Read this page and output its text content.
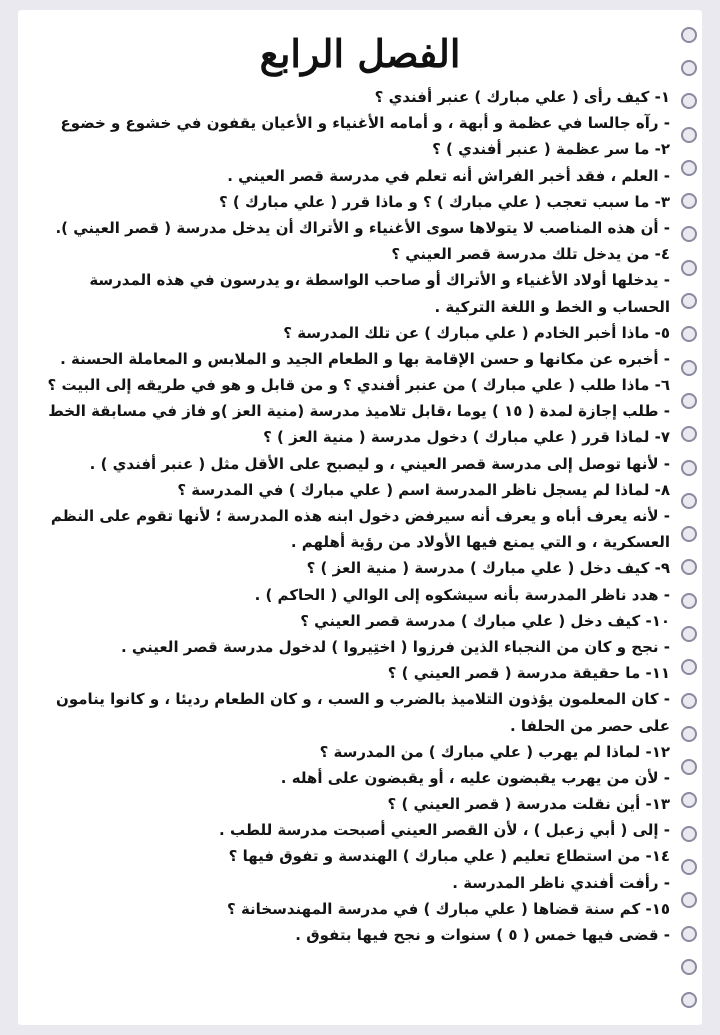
الفصل الرابع
١- كيف رأى ( علي مبارك ) عنبر أفندي ؟
- رآه جالسا في عظمة و أبهة ، و أمامه الأغنياء و الأعيان يقفون في خشوع و خضوع
٢- ما سر عظمة ( عنبر أفندي ) ؟
- العلم ، فقد أخبر الفراش أنه تعلم في مدرسة قصر العيني .
٣- ما سبب تعجب ( علي مبارك ) ؟ و ماذا قرر ( علي مبارك ) ؟
- أن هذه المناصب لا يتولاها سوى الأغنياء و الأتراك أن يدخل مدرسة ( قصر العيني ).
٤- من يدخل تلك مدرسة قصر العيني ؟
- يدخلها أولاد الأغنياء و الأتراك أو صاحب الواسطة ،و يدرسون في هذه المدرسة
الحساب و الخط و اللغة التركية .
٥- ماذا أخبر الخادم ( علي مبارك ) عن تلك المدرسة ؟
- أخبره عن مكانها و حسن الإقامة بها و الطعام الجيد و الملابس و المعاملة الحسنة .
٦- ماذا طلب ( علي مبارك ) من عنبر أفندي ؟ و من قابل و هو في طريقه إلى البيت ؟
- طلب إجازة لمدة ( ١٥ ) يوما ،قابل تلاميذ مدرسة (منية العز )و فاز في مسابقة الخط
٧- لماذا قرر ( علي مبارك ) دخول مدرسة ( منية العز ) ؟
- لأنها توصل إلى مدرسة قصر العيني ، و ليصبح على الأقل مثل ( عنبر أفندي ) .
٨- لماذا لم يسجل ناظر المدرسة اسم ( علي مبارك ) في المدرسة ؟
- لأنه يعرف أباه و يعرف أنه سيرفض دخول ابنه هذه المدرسة ؛ لأنها تقوم على النظم
العسكرية ، و التي يمنع فيها الأولاد من رؤية أهلهم .
٩- كيف دخل ( علي مبارك ) مدرسة ( منية العز ) ؟
- هدد ناظر المدرسة بأنه سيشكوه إلى الوالي ( الحاكم ) .
١٠- كيف دخل ( علي مبارك ) مدرسة قصر العيني ؟
- نجح و كان من النجباء الذين فرزوا ( اختِيروا ) لدخول مدرسة قصر العيني .
١١- ما حقيقة مدرسة ( قصر العيني ) ؟
- كان المعلمون يؤذون التلاميذ بالضرب و السب ، و كان الطعام رديئا ، و كانوا ينامون
على حصر من الحلفا .
١٢- لماذا لم يهرب ( علي مبارك ) من المدرسة ؟
- لأن من يهرب يقبضون عليه ، أو يقبضون على أهله .
١٣- أين نقلت مدرسة ( قصر العيني ) ؟
- إلى ( أبي زعبل ) ، لأن القصر العيني أصبحت مدرسة للطب .
١٤- من استطاع تعليم ( علي مبارك ) الهندسة و تفوق فيها ؟
- رأفت أفندي ناظر المدرسة .
١٥- كم سنة قضاها ( علي مبارك ) في مدرسة المهندسخانة ؟
- قضى فيها خمس ( ٥ ) سنوات و نجح فيها بتفوق .
